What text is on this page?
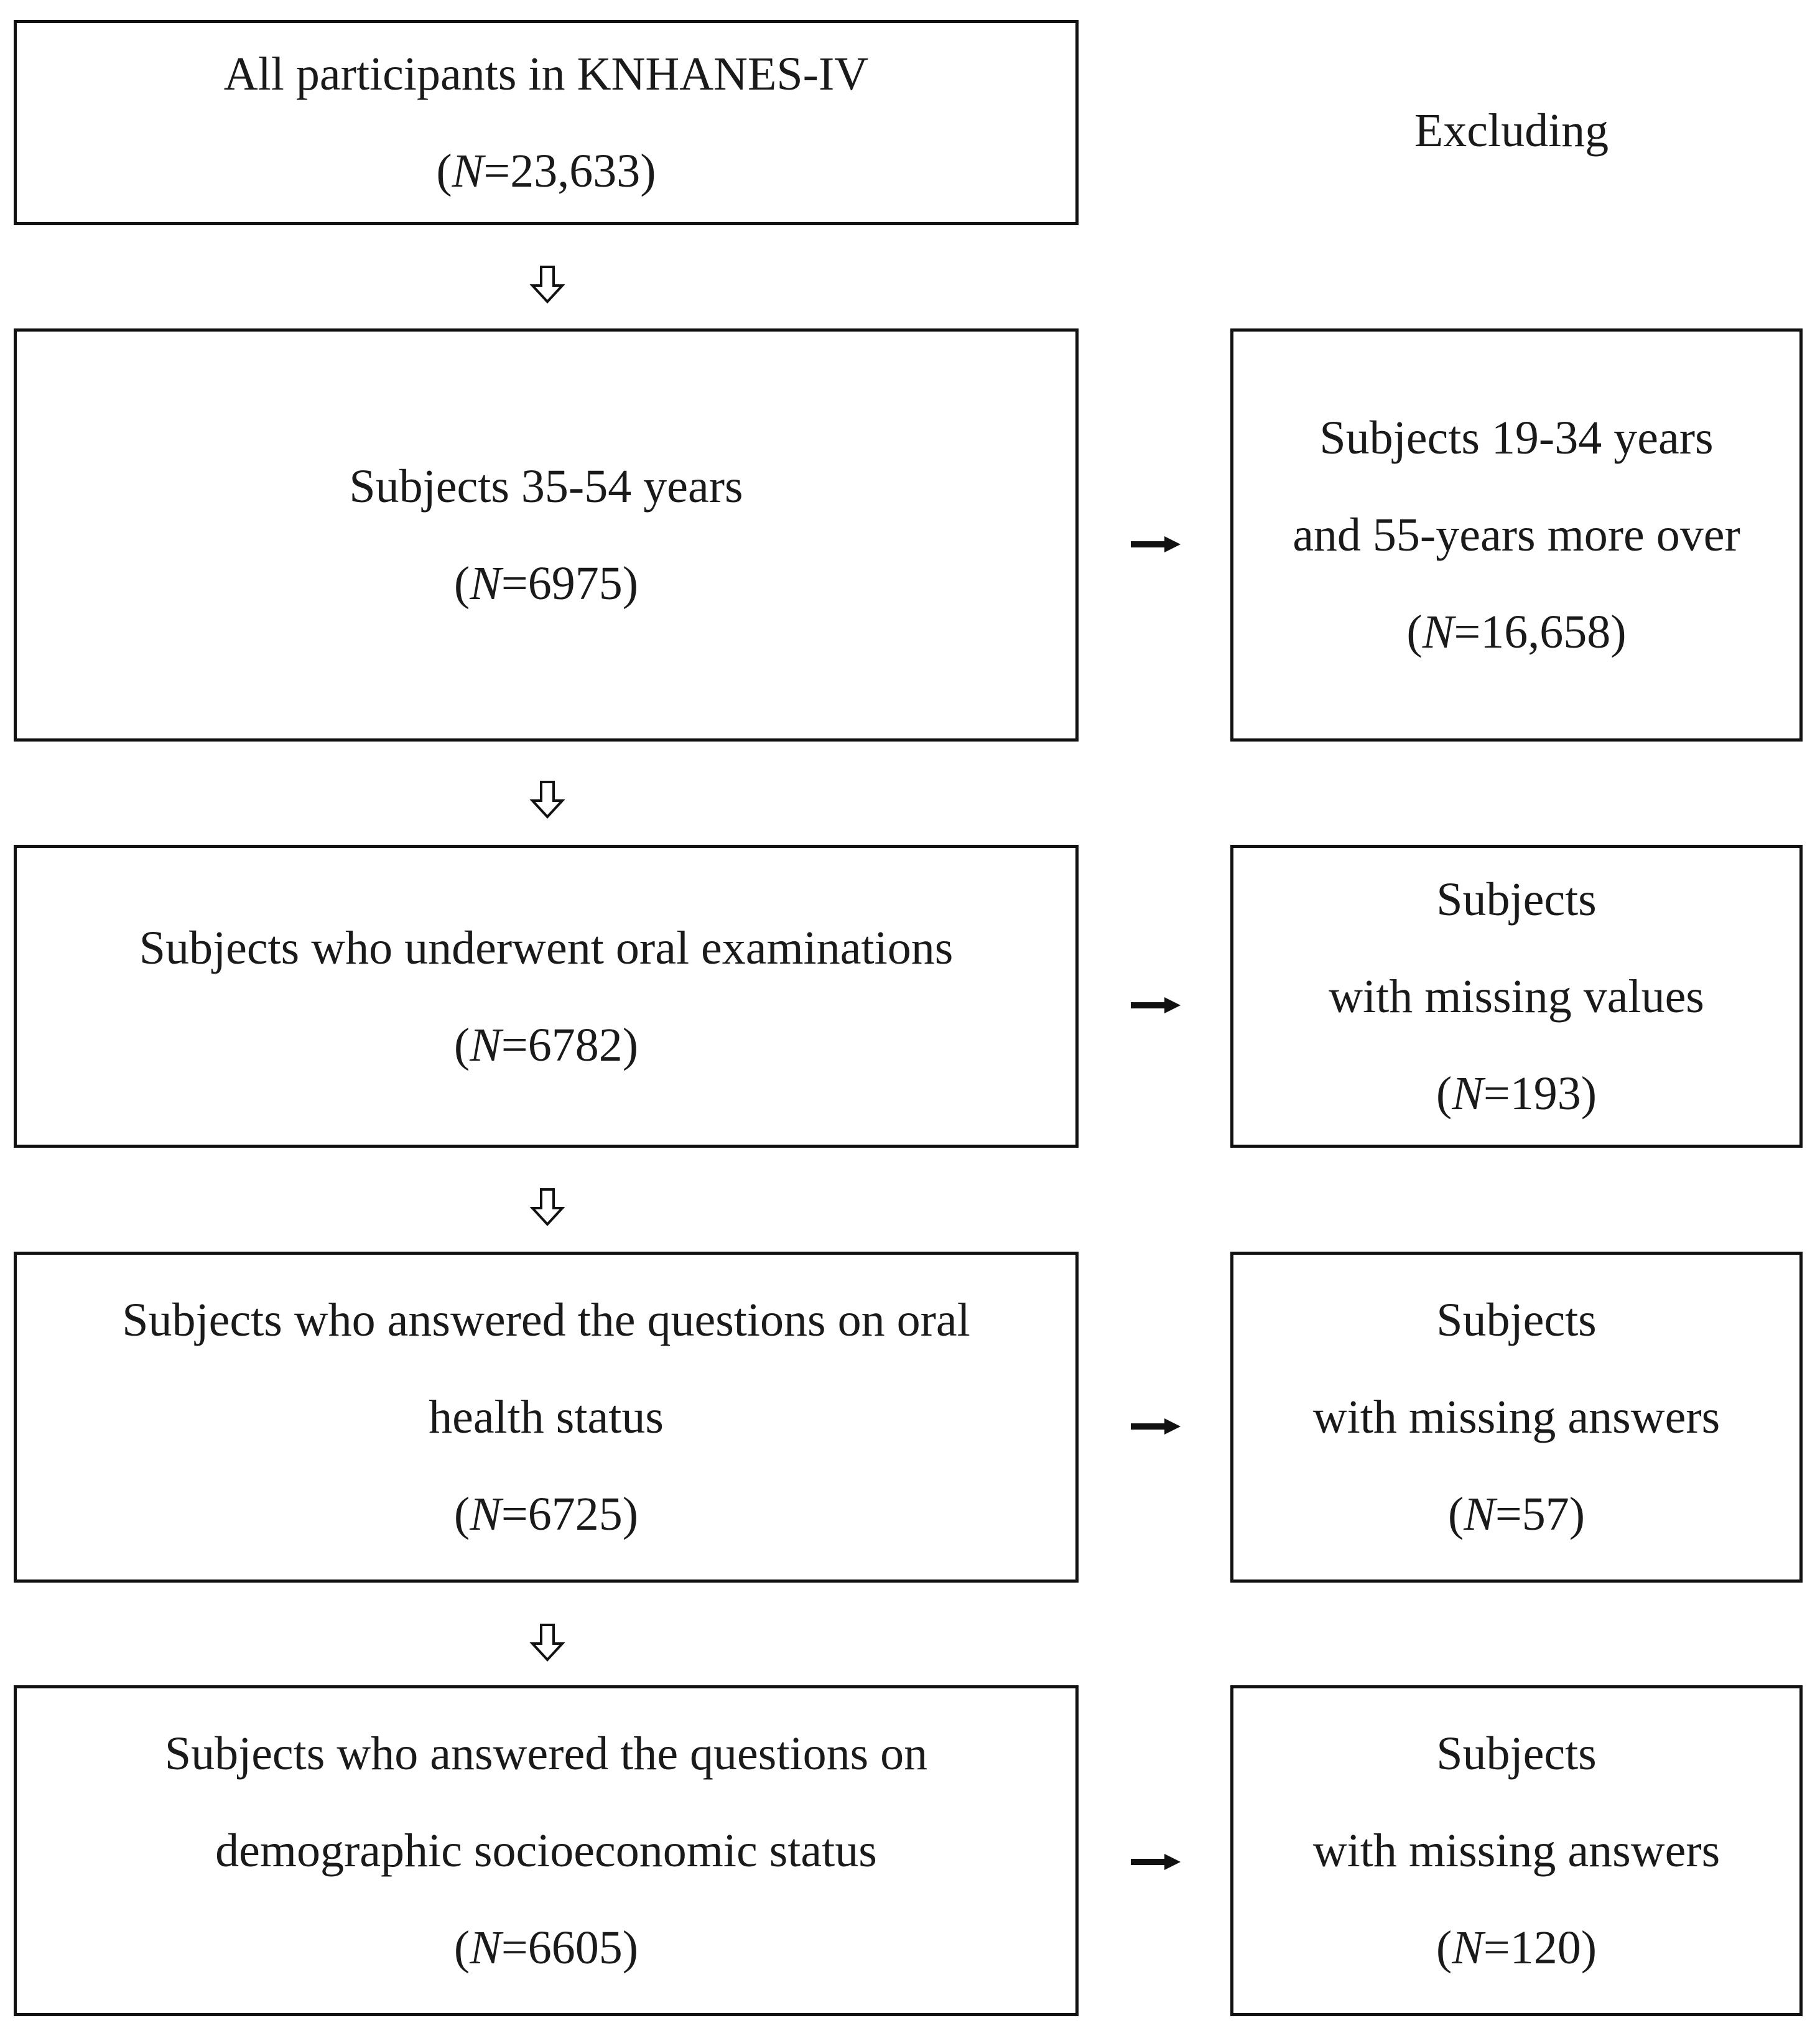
Excluding
All participants in KNHANES-IV
(N=23,633)
Subjects 35-54 years
(N=6975)
Subjects who underwent oral examinations
(N=6782)
Subjects who answered the questions on oral
health status
(N=6725)
Subjects who answered the questions on
demographic socioeconomic status
(N=6605)
Subjects 19-34 years
and 55-years more over
(N=16,658)
Subjects
with missing values
(N=193)
Subjects
with missing answers
(N=57)
Subjects
with missing answers
(N=120)
